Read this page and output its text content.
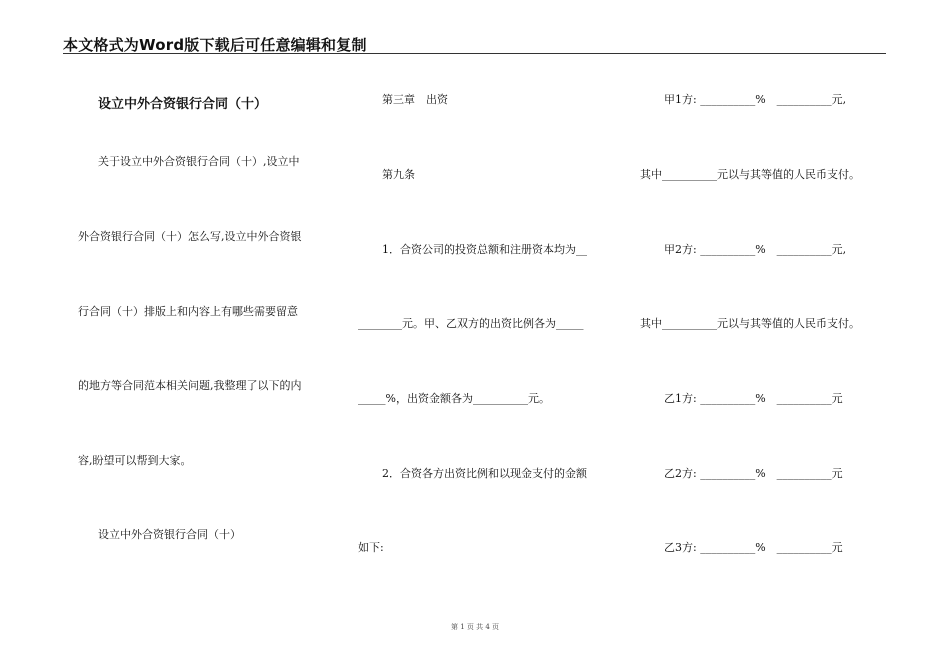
本文格式为Word版下载后可任意编辑和复制
设立中外合资银行合同（十）
关于设立中外合资银行合同（十）,设立中
外合资银行合同（十）怎么写,设立中外合资银
行合同（十）排版上和内容上有哪些需要留意
的地方等合同范本相关问题,我整理了以下的内
容,盼望可以帮到大家。
设立中外合资银行合同（十）
第三章　出资
第九条
1．合资公司的投资总额和注册资本均为__
________元。甲、乙双方的出资比例各为_____
_____%，出资金额各为__________元。
2．合资各方出资比例和以现金支付的金额
如下:
甲1方: __________%　__________元,
其中__________元以与其等值的人民币支付。
甲2方: __________%　__________元,
其中__________元以与其等值的人民币支付。
乙1方: __________%　__________元
乙2方: __________%　__________元
乙3方: __________%　__________元
第 1 页 共 4 页
